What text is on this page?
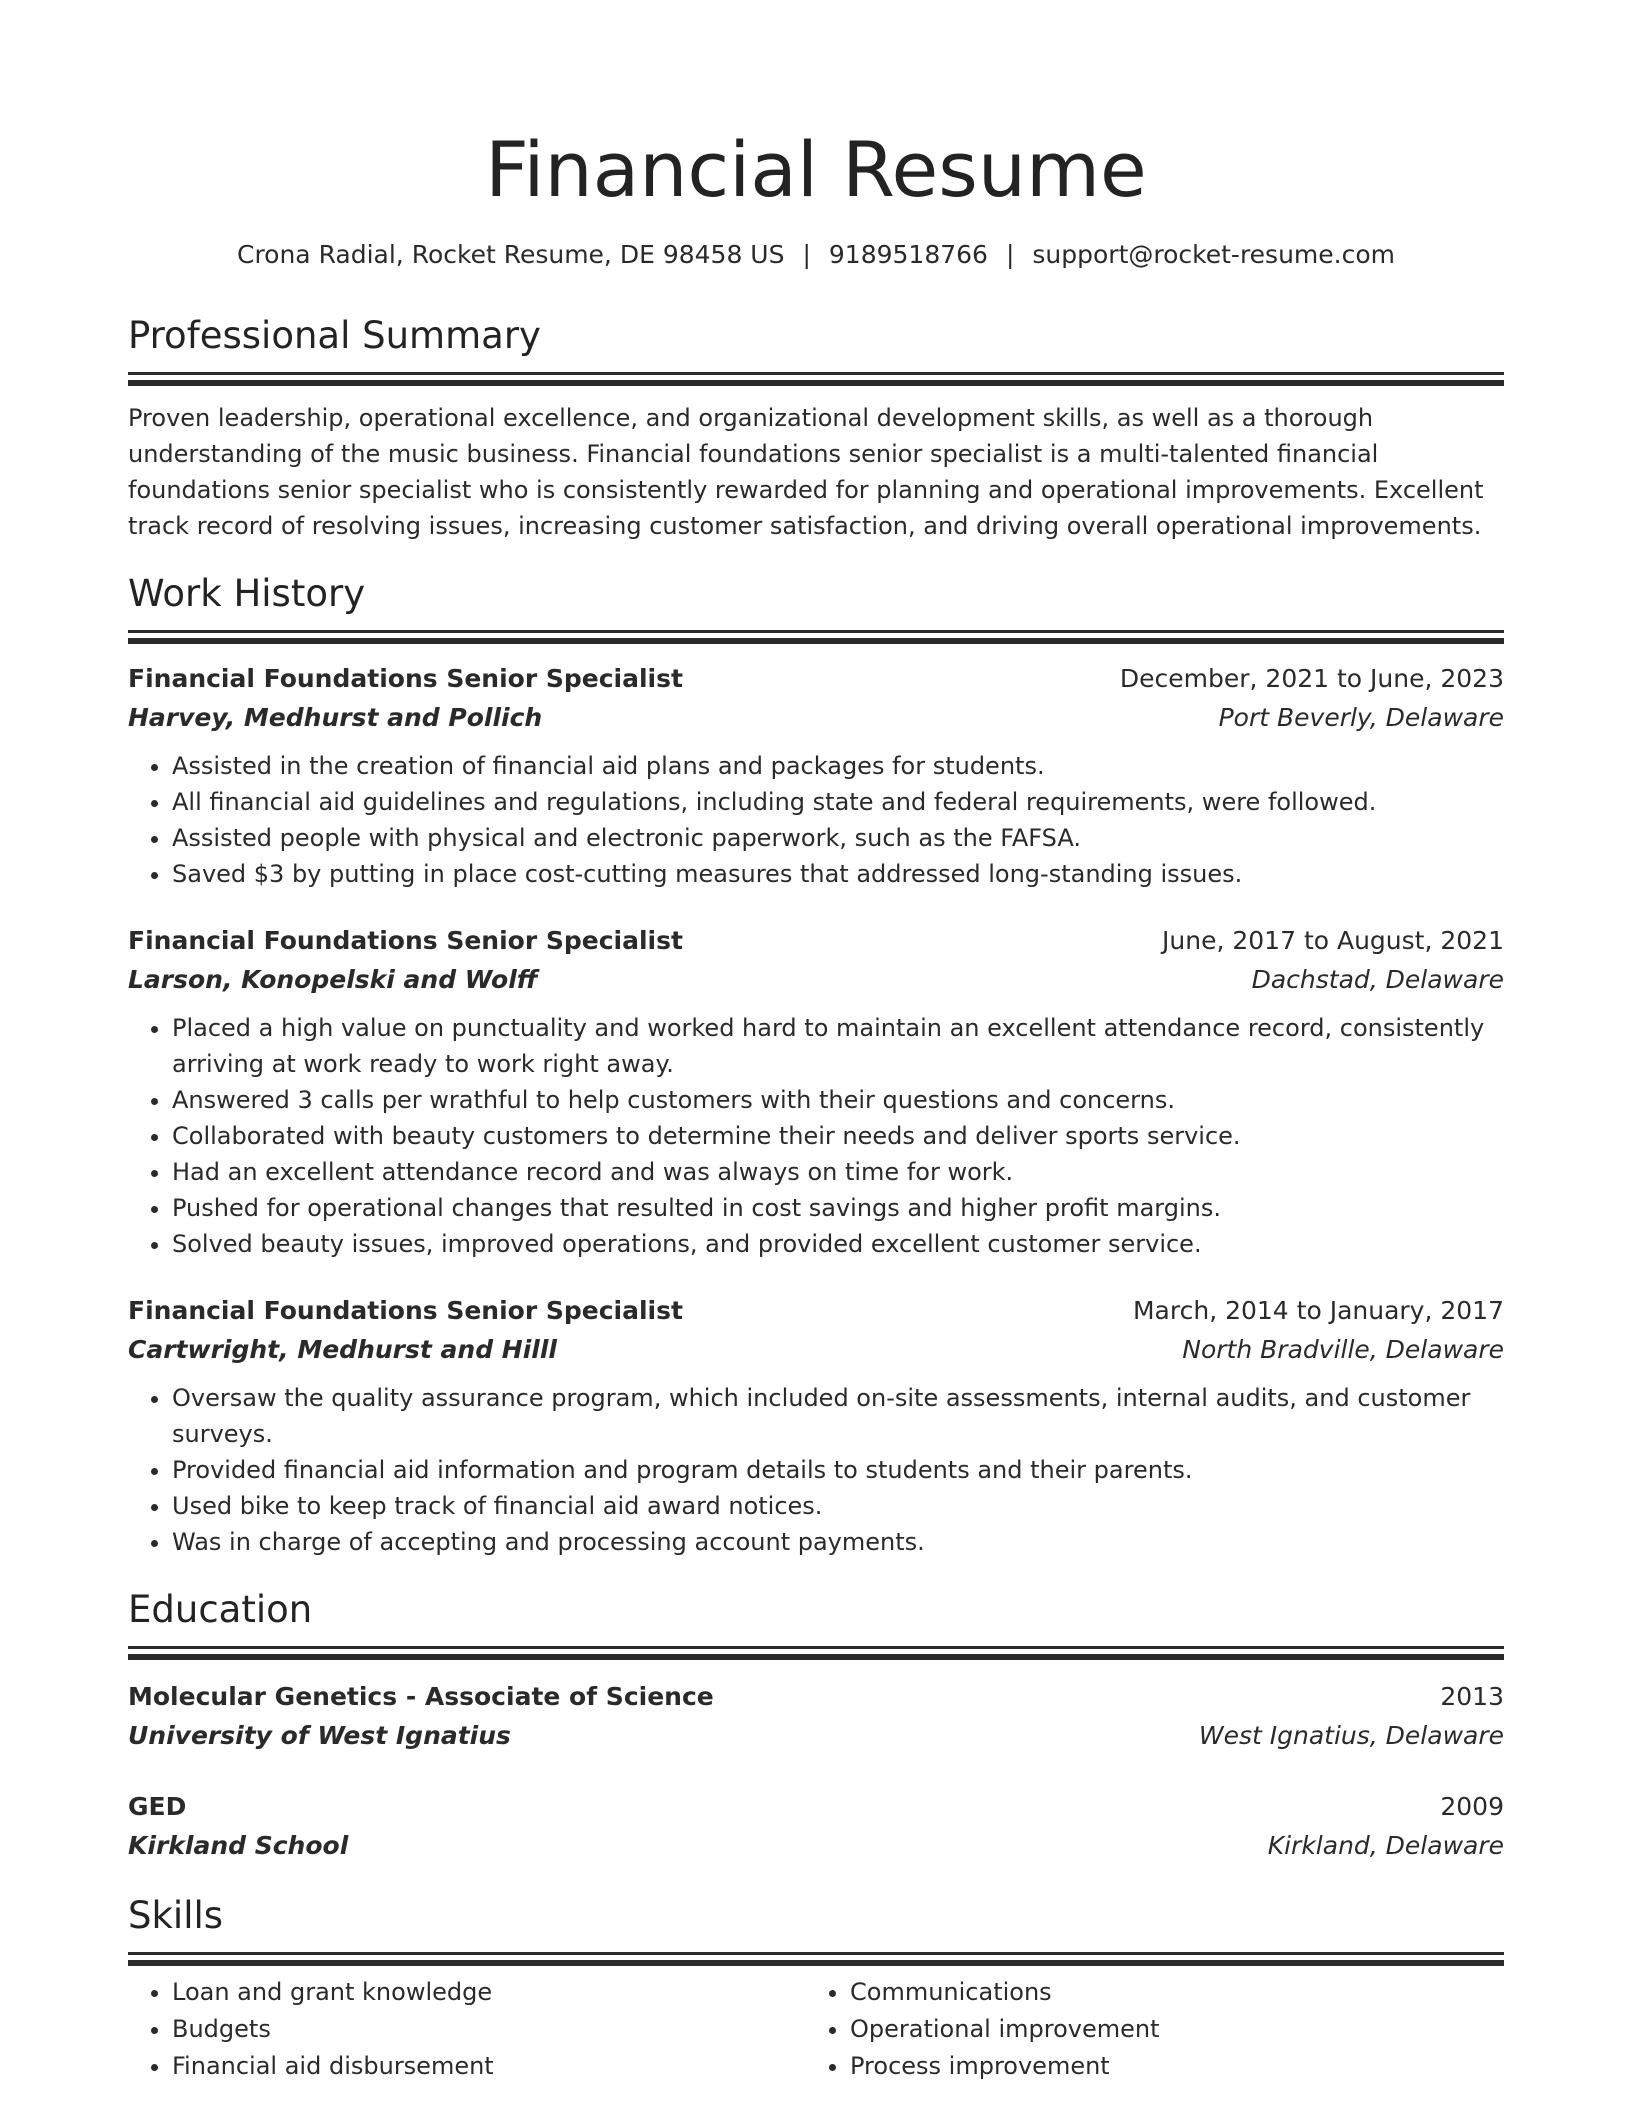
Financial Resume
Crona Radial, Rocket Resume, DE 98458 US | 9189518766 | support@rocket-resume.com
Professional Summary
Proven leadership, operational excellence, and organizational development skills, as well as a thorough understanding of the music business. Financial foundations senior specialist is a multi-talented financial foundations senior specialist who is consistently rewarded for planning and operational improvements. Excellent track record of resolving issues, increasing customer satisfaction, and driving overall operational improvements.
Work History
Financial Foundations Senior Specialist	December, 2021 to June, 2023
Harvey, Medhurst and Pollich	Port Beverly, Delaware
• Assisted in the creation of financial aid plans and packages for students.
• All financial aid guidelines and regulations, including state and federal requirements, were followed.
• Assisted people with physical and electronic paperwork, such as the FAFSA.
• Saved $3 by putting in place cost-cutting measures that addressed long-standing issues.
Financial Foundations Senior Specialist	June, 2017 to August, 2021
Larson, Konopelski and Wolff	Dachstad, Delaware
• Placed a high value on punctuality and worked hard to maintain an excellent attendance record, consistently arriving at work ready to work right away.
• Answered 3 calls per wrathful to help customers with their questions and concerns.
• Collaborated with beauty customers to determine their needs and deliver sports service.
• Had an excellent attendance record and was always on time for work.
• Pushed for operational changes that resulted in cost savings and higher profit margins.
• Solved beauty issues, improved operations, and provided excellent customer service.
Financial Foundations Senior Specialist	March, 2014 to January, 2017
Cartwright, Medhurst and Hilll	North Bradville, Delaware
• Oversaw the quality assurance program, which included on-site assessments, internal audits, and customer surveys.
• Provided financial aid information and program details to students and their parents.
• Used bike to keep track of financial aid award notices.
• Was in charge of accepting and processing account payments.
Education
Molecular Genetics - Associate of Science	2013
University of West Ignatius	West Ignatius, Delaware
GED	2009
Kirkland School	Kirkland, Delaware
Skills
• Loan and grant knowledge
• Budgets
• Financial aid disbursement
• Communications
• Operational improvement
• Process improvement
